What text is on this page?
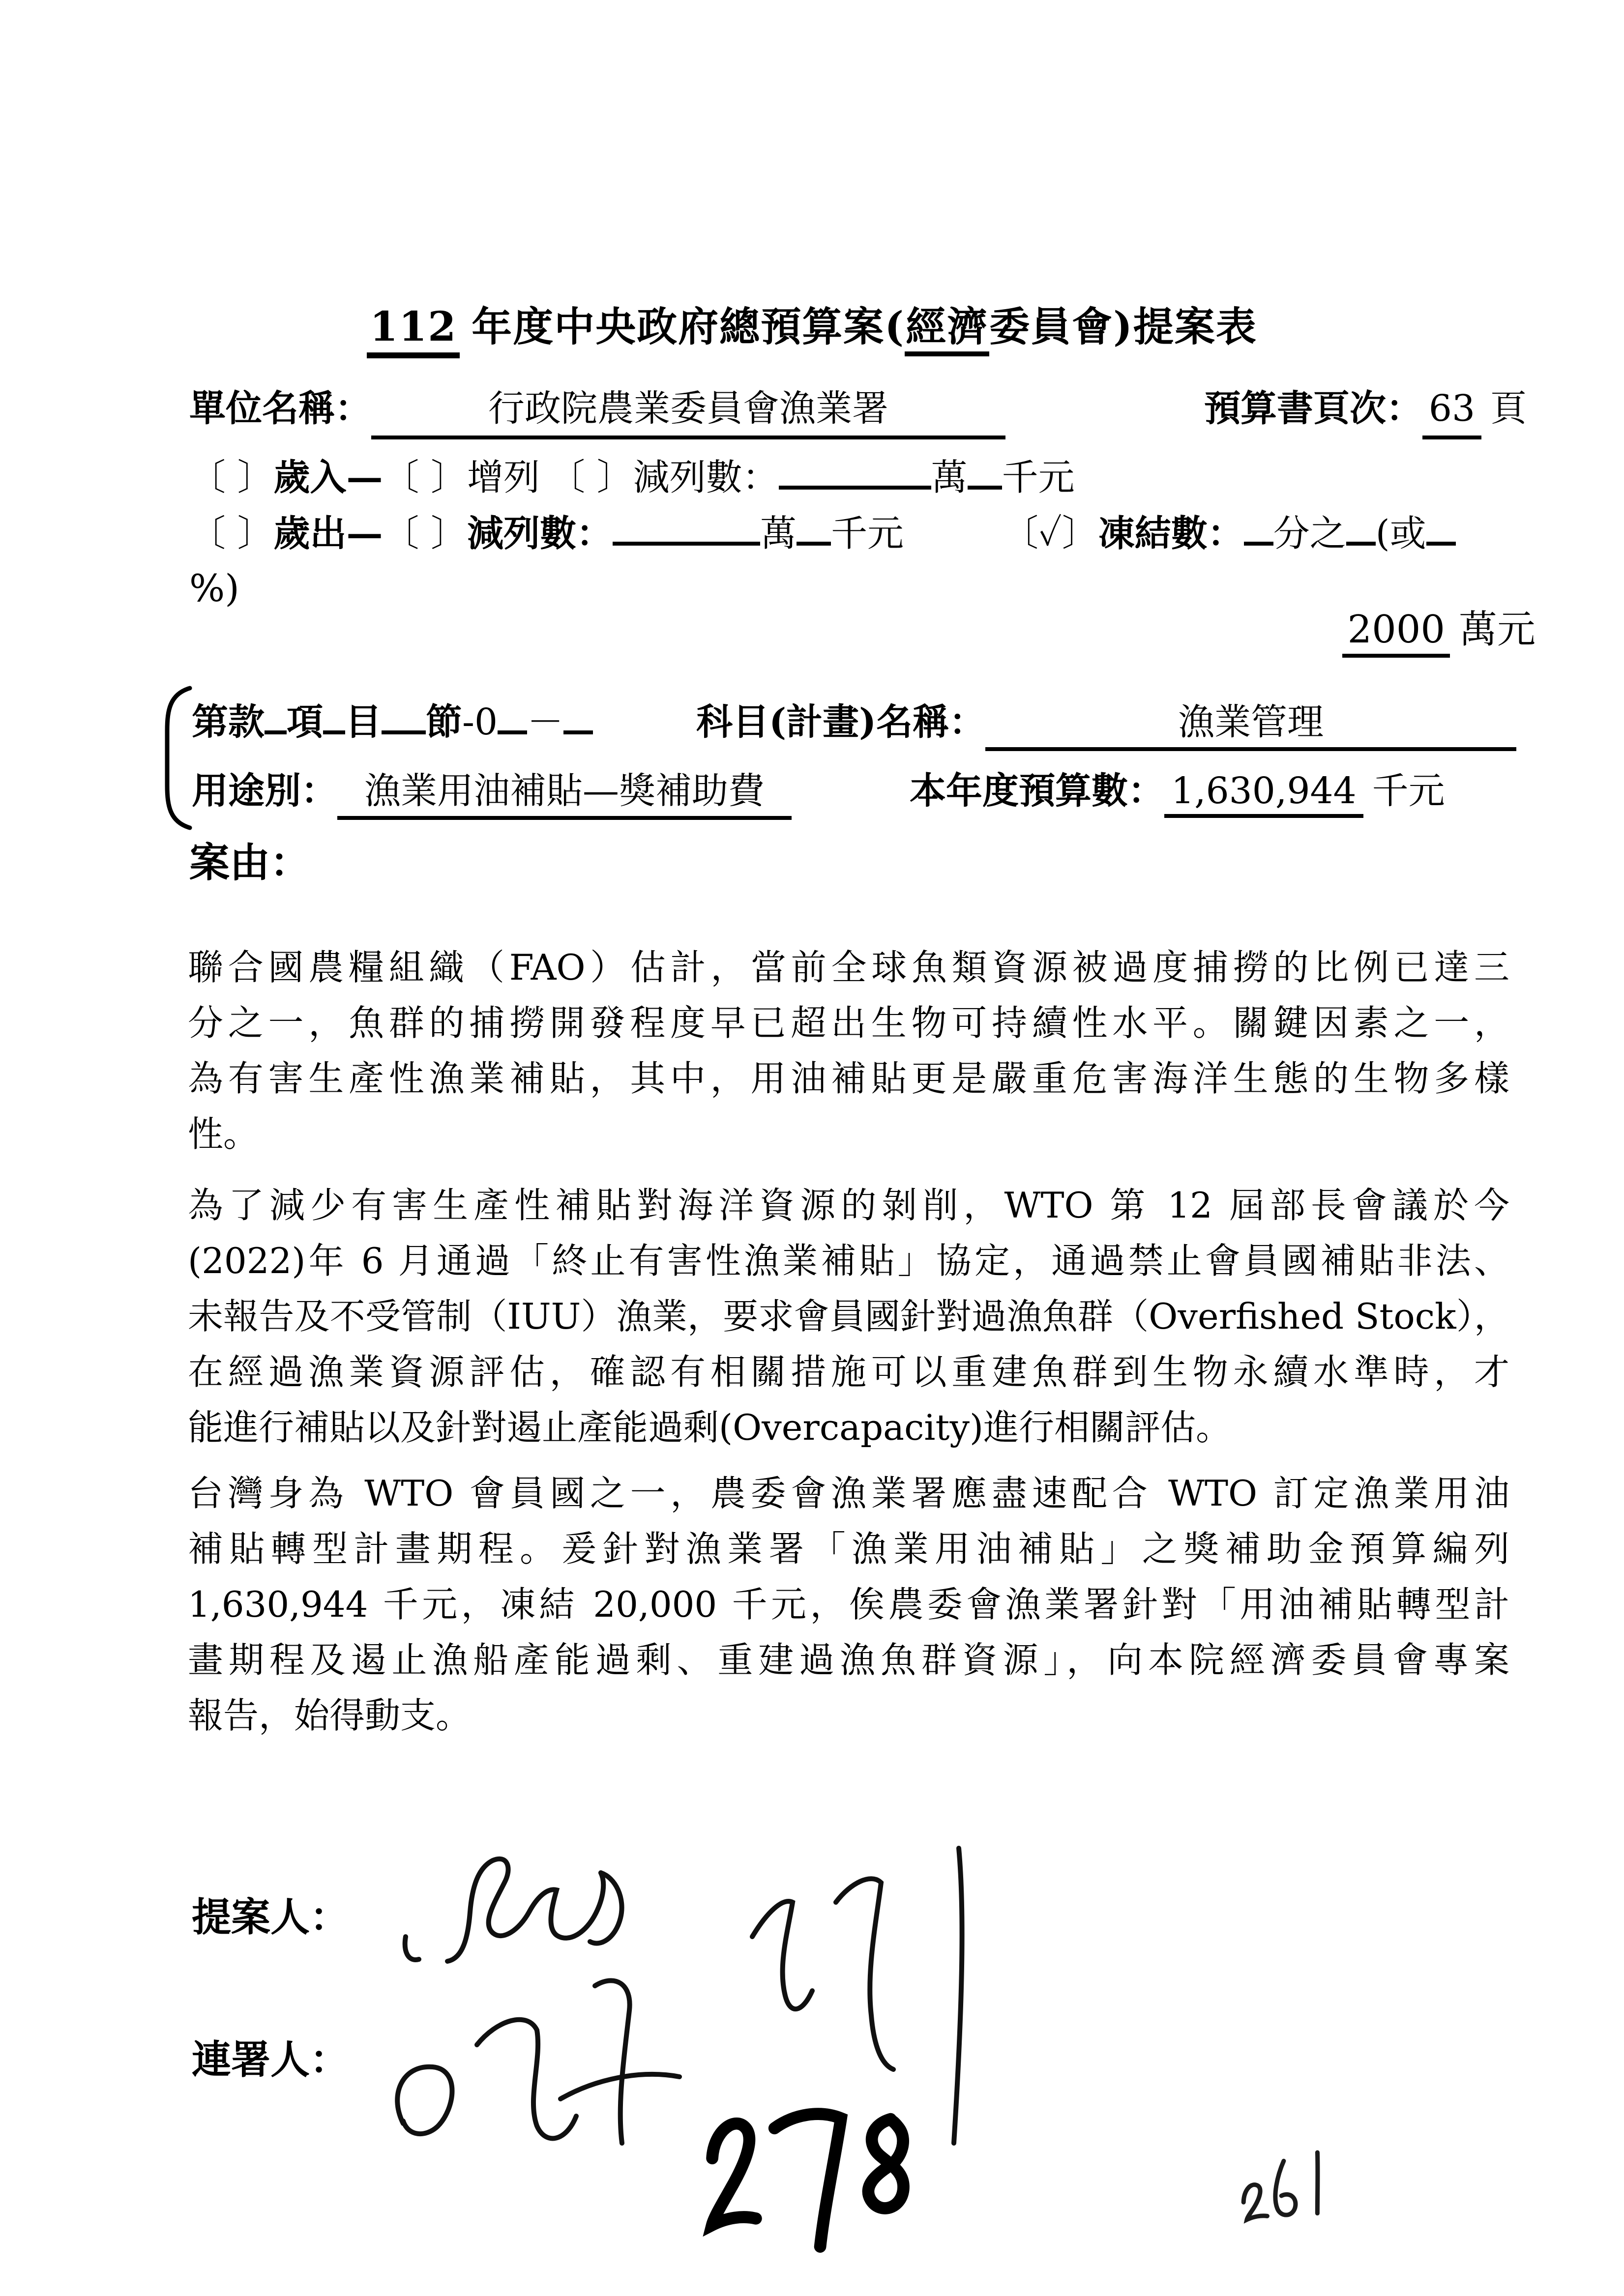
112 年度中央政府總預算案(經濟委員會)提案表
單位名稱：	行政院農業委員會漁業署	預算書頁次： 63 頁
〔 〕歲入—〔 〕增列 〔 〕減列數：	萬 千元
〔 〕歲出—〔 〕減列數：	萬 千元	〔✓〕凍結數： 分之 (或
%)
2000 萬元
第款 項 目 節-0 －	科目(計畫)名稱：	漁業管理
用途別： 漁業用油補貼—獎補助費	本年度預算數： 1,630,944 千元
案由：
聯合國農糧組織（FAO）估計，當前全球魚類資源被過度捕撈的比例已達三
分之一，魚群的捕撈開發程度早已超出生物可持續性水平。關鍵因素之一，
為有害生產性漁業補貼，其中，用油補貼更是嚴重危害海洋生態的生物多樣
性。
為了減少有害生產性補貼對海洋資源的剝削，WTO 第 12 屆部長會議於今
(2022)年 6 月通過「終止有害性漁業補貼」協定，通過禁止會員國補貼非法、
未報告及不受管制（IUU）漁業，要求會員國針對過漁魚群（Overfished Stock），
在經過漁業資源評估，確認有相關措施可以重建魚群到生物永續水準時，才
能進行補貼以及針對遏止產能過剩(Overcapacity)進行相關評估。
台灣身為 WTO 會員國之一，農委會漁業署應盡速配合 WTO 訂定漁業用油
補貼轉型計畫期程。爰針對漁業署「漁業用油補貼」之獎補助金預算編列
1,630,944 千元，凍結 20,000 千元，俟農委會漁業署針對「用油補貼轉型計
畫期程及遏止漁船產能過剩、重建過漁魚群資源」，向本院經濟委員會專案
報告，始得動支。
提案人：
連署人：
